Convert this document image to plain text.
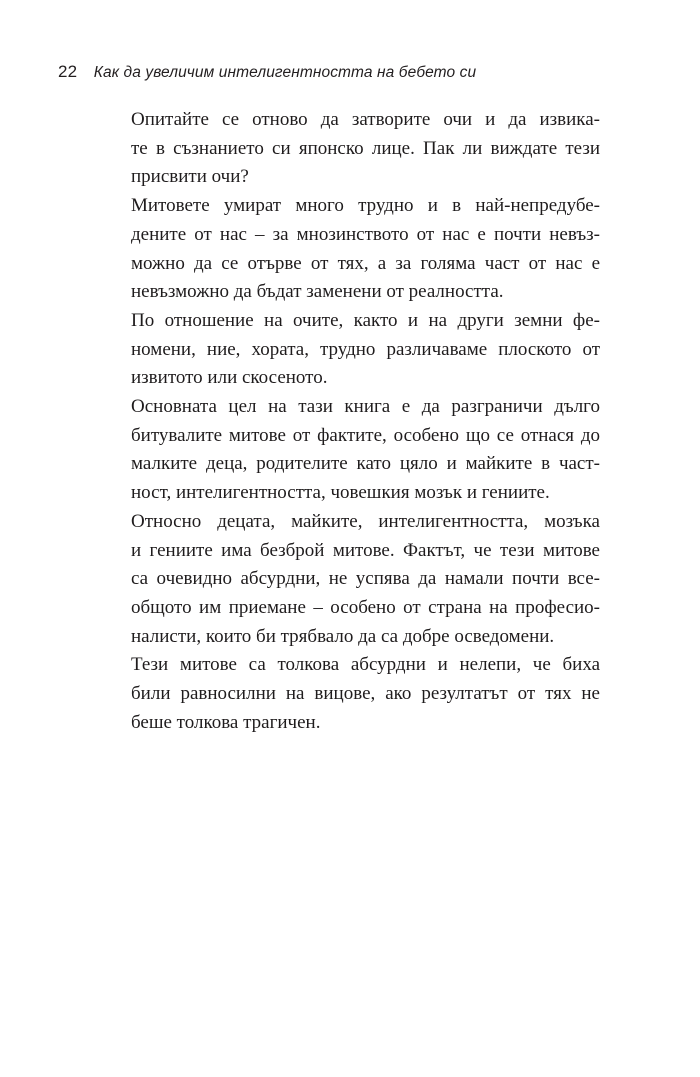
22 Как да увеличим интелигентността на бебето си

Опитайте се отново да затворите очи и да извика-
те в съзнанието си японско лице. Пак ли виждате тези
присвити очи?

Митовете умират много трудно и в най-непредубе-
дените от нас – за мнозинството от нас е почти невъз-
можно да се отърве от тях, а за голяма част от нас е
невъзможно да бъдат заменени от реалността.

По отношение на очите, както и на други земни фе-
номени, ние, хората, трудно различаваме плоското от
извитото или скосеното.

Основната цел на тази книга е да разграничи дълго
битувалите митове от фактите, особено що се отнася до
малките деца, родителите като цяло и майките в част-
ност, интелигентността, човешкия мозък и гениите.

Относно децата, майките, интелигентността, мозъка
и гениите има безброй митове. Фактът, че тези митове
са очевидно абсурдни, не успява да намали почти все-
общото им приемане – особено от страна на професио-
налисти, които би трябвало да са добре осведомени.

Тези митове са толкова абсурдни и нелепи, че биха
били равносилни на вицове, ако резултатът от тях не
беше толкова трагичен.
